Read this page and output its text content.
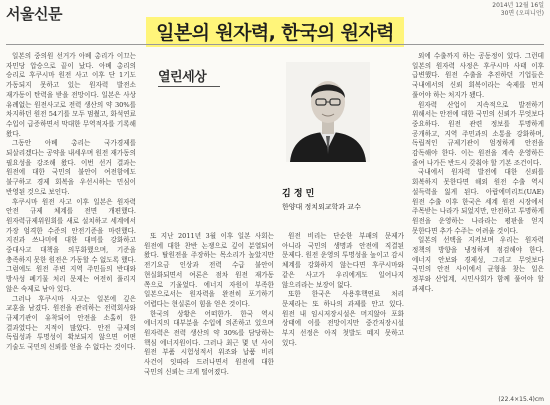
서울신문	2014년 12월 16일
30면 (오피니언)
일본의 원자력, 한국의 원자력

일본의 중의원 선거가 아베 총리가 이끄는 자민당 압승으로 끝이 났다. 아베 총리의 승리로 후쿠시마 원전 사고 이후 단 1기도 가동되지 못하고 있는 원자력 발전소 재가동이 탄력을 받을 전망이다. 일본은 사상 유례없는 원전사고로 전력 생산의 약 30%를 차지하던 원전 54기를 모두 멈췄고, 화석연료 수입이 급증하면서 막대한 무역적자를 기록해 왔다.

그동안 아베 총리는 국가경제를 되살리겠다는 공약을 내세우며 원전 재가동의 필요성을 강조해 왔다. 이번 선거 결과는 원전에 대한 국민의 불안이 여전함에도 불구하고 경제 회복을 우선시하는 민심이 반영된 것으로 보인다.

후쿠시마 원전 사고 이후 일본은 원자력 안전 규제 체계를 전면 개편했다. 원자력규제위원회를 새로 설치하고 세계에서 가장 엄격한 수준의 안전기준을 마련했다. 지진과 쓰나미에 대한 대비를 강화하고 중대사고 대책을 의무화했으며, 기준을 충족하지 못한 원전은 가동할 수 없도록 했다. 그럼에도 원전 주변 지역 주민들의 반대와 방사성 폐기물 처리 문제는 여전히 풀리지 않은 숙제로 남아 있다.

그러나 후쿠시마 사고는 일본에 깊은 교훈을 남겼다. 원전을 관리하는 전력회사와 규제기관이 유착되어 안전을 소홀히 한 결과였다는 지적이 많았다. 안전 규제의 독립성과 투명성이 확보되지 않으면 어떤 기술도 국민의 신뢰를 얻을 수 없다는 것이다.

열린세상
김 정 민
한양대 정치외교학과 교수

또 지난 2011년 3월 이후 일본 사회는 원전에 대한 찬반 논쟁으로 깊이 분열되어 왔다. 탈원전을 주장하는 목소리가 높았지만 전기요금 인상과 전력 수급 불안이 현실화되면서 여론은 점차 원전 재가동 쪽으로 기울었다. 에너지 자원이 부족한 일본으로서는 원자력을 완전히 포기하기 어렵다는 현실론이 힘을 얻은 것이다.

한국의 상황은 어떠한가. 한국 역시 에너지의 대부분을 수입에 의존하고 있으며 원자력은 전력 생산의 약 30%를 담당하는 핵심 에너지원이다. 그러나 최근 몇 년 사이 원전 부품 시험성적서 위조와 납품 비리 사건이 잇따라 드러나면서 원전에 대한 국민의 신뢰는 크게 떨어졌다.

원전 비리는 단순한 부패의 문제가 아니라 국민의 생명과 안전에 직결된 문제다. 원전 운영의 투명성을 높이고 감시 체계를 강화하지 않는다면 후쿠시마와 같은 사고가 우리에게도 일어나지 않으리라는 보장이 없다.

또한 한국은 사용후핵연료 처리 문제라는 또 하나의 과제를 안고 있다. 원전 내 임시저장시설은 머지않아 포화 상태에 이를 전망이지만 중간저장시설 부지 선정은 아직 첫발도 떼지 못하고 있다.

외에 수출까지 하는 공동정이 있다. 그런데 일본의 원자력 사정은 후쿠시마 사태 이후 급변했다. 원전 수출을 추진하던 기업들은 국내에서의 신뢰 회복이라는 숙제를 먼저 풀어야 하는 처지가 됐다.

원자력 산업이 지속적으로 발전하기 위해서는 안전에 대한 국민의 신뢰가 무엇보다 중요하다. 원전 관련 정보를 투명하게 공개하고, 지역 주민과의 소통을 강화하며, 독립적인 규제기관이 엄정하게 안전을 감독해야 한다. 이는 원전을 계속 운영하든 줄여 나가든 반드시 갖춰야 할 기본 조건이다.

국내에서 원자력 발전에 대한 신뢰를 회복하지 못한다면 해외 원전 수출 역시 설득력을 잃게 된다. 아랍에미리트(UAE) 원전 수출 이후 한국은 세계 원전 시장에서 주목받는 나라가 되었지만, 안전하고 투명하게 원전을 운영하는 나라라는 평판을 얻지 못한다면 추가 수주는 어려울 것이다.

일본의 선택을 지켜보며 우리는 원자력 정책의 방향을 냉정하게 점검해야 한다. 에너지 안보와 경제성, 그리고 무엇보다 국민의 안전 사이에서 균형을 찾는 일은 정부와 산업계, 시민사회가 함께 풀어야 할 과제다.

(22.4×15.4)cm
